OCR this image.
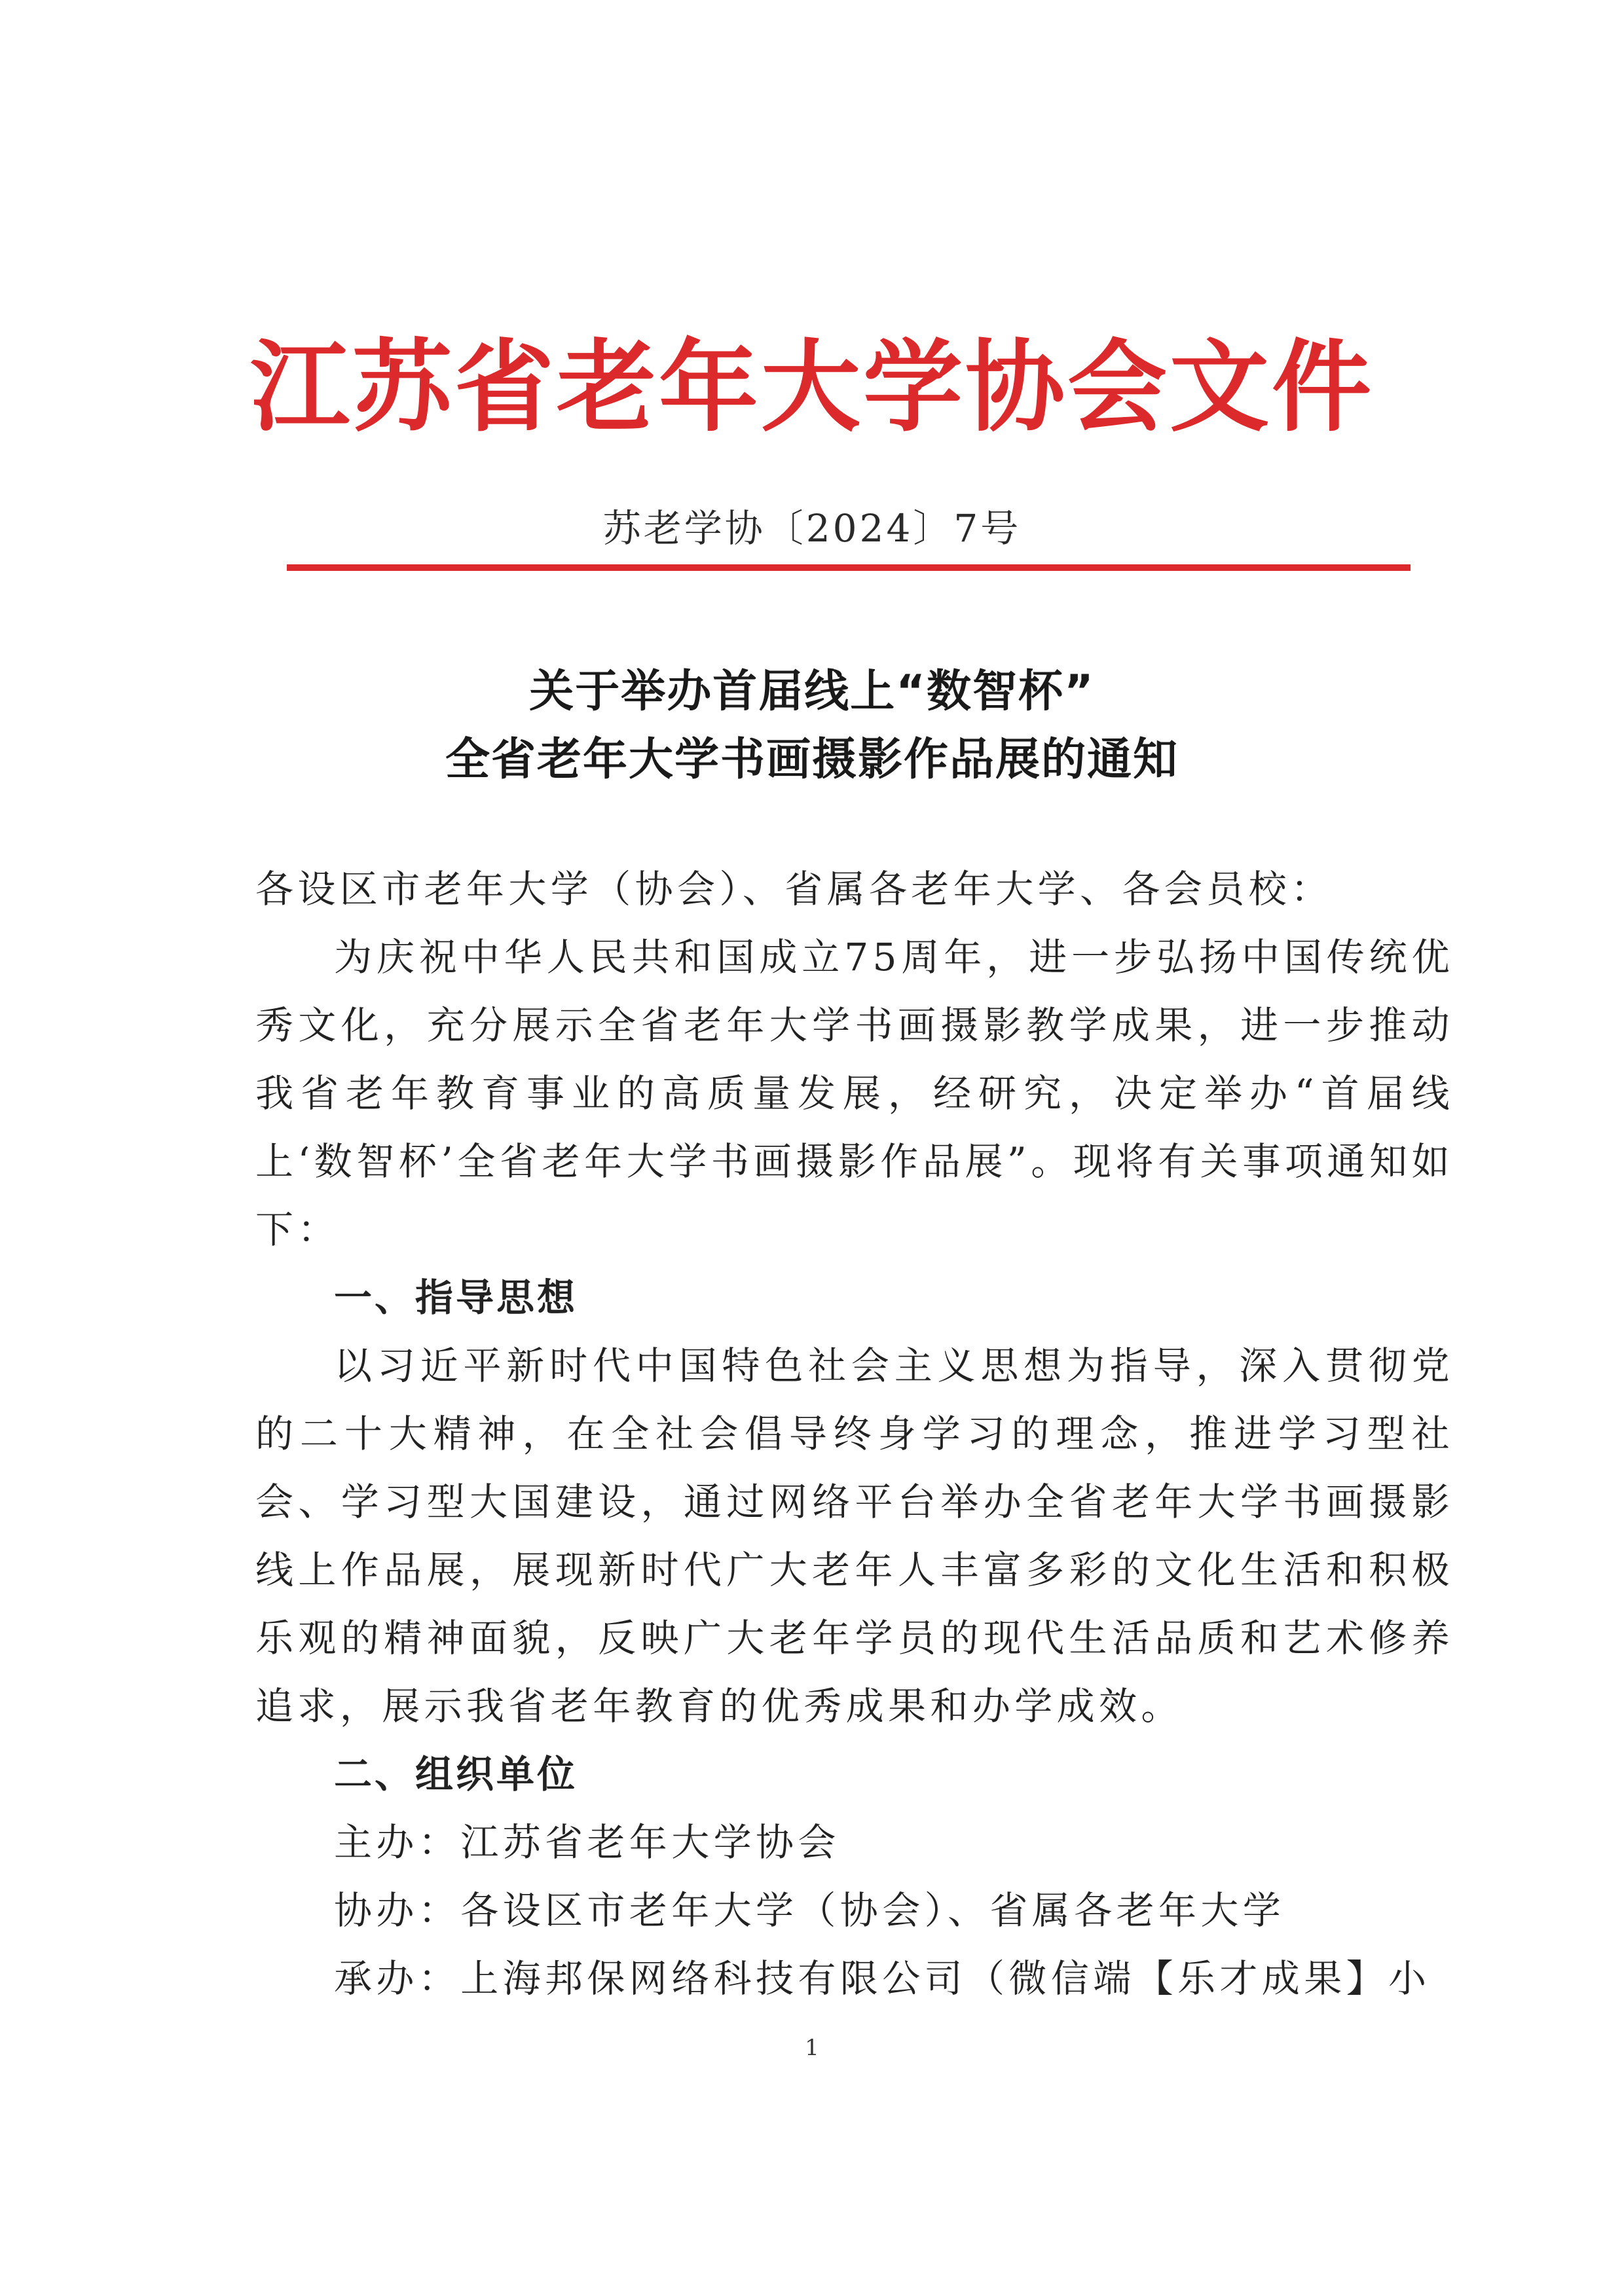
江苏省老年大学协会文件
苏老学协〔2024〕7号
关于举办首届线上“数智杯”
全省老年大学书画摄影作品展的通知

各设区市老年大学（协会）、省属各老年大学、各会员校：

为庆祝中华人民共和国成立75周年，进一步弘扬中国传统优秀文化，充分展示全省老年大学书画摄影教学成果，进一步推动我省老年教育事业的高质量发展，经研究，决定举办“首届线上‘数智杯’全省老年大学书画摄影作品展”。现将有关事项通知如下：

一、指导思想

以习近平新时代中国特色社会主义思想为指导，深入贯彻党的二十大精神，在全社会倡导终身学习的理念，推进学习型社会、学习型大国建设，通过网络平台举办全省老年大学书画摄影线上作品展，展现新时代广大老年人丰富多彩的文化生活和积极乐观的精神面貌，反映广大老年学员的现代生活品质和艺术修养追求，展示我省老年教育的优秀成果和办学成效。

二、组织单位

主办：江苏省老年大学协会

协办：各设区市老年大学（协会）、省属各老年大学

承办：上海邦保网络科技有限公司（微信端【乐才成果】小

1
